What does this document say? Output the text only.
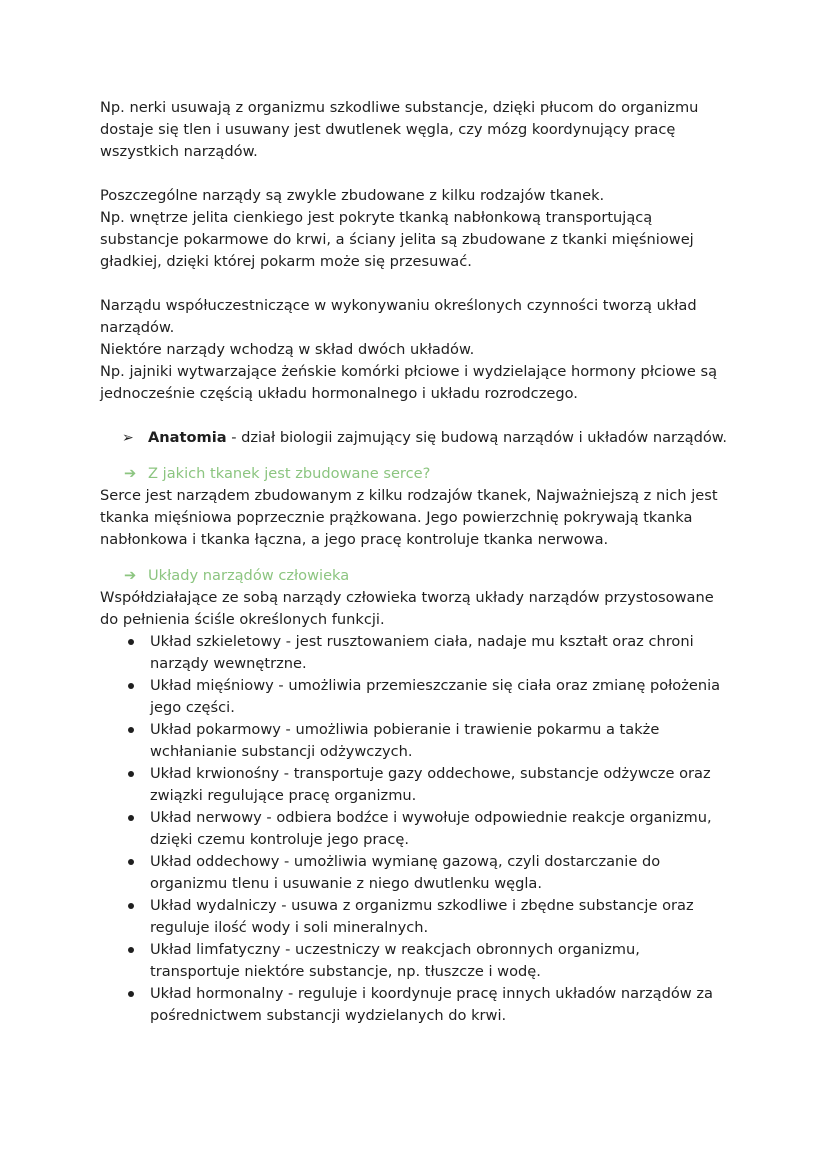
Np. nerki usuwają z organizmu szkodliwe substancje, dzięki płucom do organizmu dostaje się tlen i usuwany jest dwutlenek węgla, czy mózg koordynujący pracę wszystkich narządów.

Poszczególne narządy są zwykle zbudowane z kilku rodzajów tkanek.

Np. wnętrze jelita cienkiego jest pokryte tkanką nabłonkową transportującą substancje pokarmowe do krwi, a ściany jelita są zbudowane z tkanki mięśniowej gładkiej, dzięki której pokarm może się przesuwać.

Narządu współuczestniczące w wykonywaniu określonych czynności tworzą układ narządów.

Niektóre narządy wchodzą w skład dwóch układów.

Np. jajniki wytwarzające żeńskie komórki płciowe i wydzielające hormony płciowe są jednocześnie częścią układu hormonalnego i układu rozrodczego.

➢ Anatomia - dział biologii zajmujący się budową narządów i układów narządów.
➔ Z jakich tkanek jest zbudowane serce?

Serce jest narządem zbudowanym z kilku rodzajów tkanek, Najważniejszą z nich jest tkanka mięśniowa poprzecznie prążkowana. Jego powierzchnię pokrywają tkanka nabłonkowa i tkanka łączna, a jego pracę kontroluje tkanka nerwowa.

➔ Układy narządów człowieka

Współdziałające ze sobą narządy człowieka tworzą układy narządów przystosowane do pełnienia ściśle określonych funkcji.

Układ szkieletowy - jest rusztowaniem ciała, nadaje mu kształt oraz chroni narządy wewnętrzne.
Układ mięśniowy - umożliwia przemieszczanie się ciała oraz zmianę położenia jego części.
Układ pokarmowy - umożliwia pobieranie i trawienie pokarmu a także wchłanianie substancji odżywczych.
Układ krwionośny - transportuje gazy oddechowe, substancje odżywcze oraz związki regulujące pracę organizmu.
Układ nerwowy - odbiera bodźce i wywołuje odpowiednie reakcje organizmu, dzięki czemu kontroluje jego pracę.
Układ oddechowy - umożliwia wymianę gazową, czyli dostarczanie do organizmu tlenu i usuwanie z niego dwutlenku węgla.
Układ wydalniczy - usuwa z organizmu szkodliwe i zbędne substancje oraz reguluje ilość wody i soli mineralnych.
Układ limfatyczny - uczestniczy w reakcjach obronnych organizmu, transportuje niektóre substancje, np. tłuszcze i wodę.
Układ hormonalny - reguluje i koordynuje pracę innych układów narządów za pośrednictwem substancji wydzielanych do krwi.
